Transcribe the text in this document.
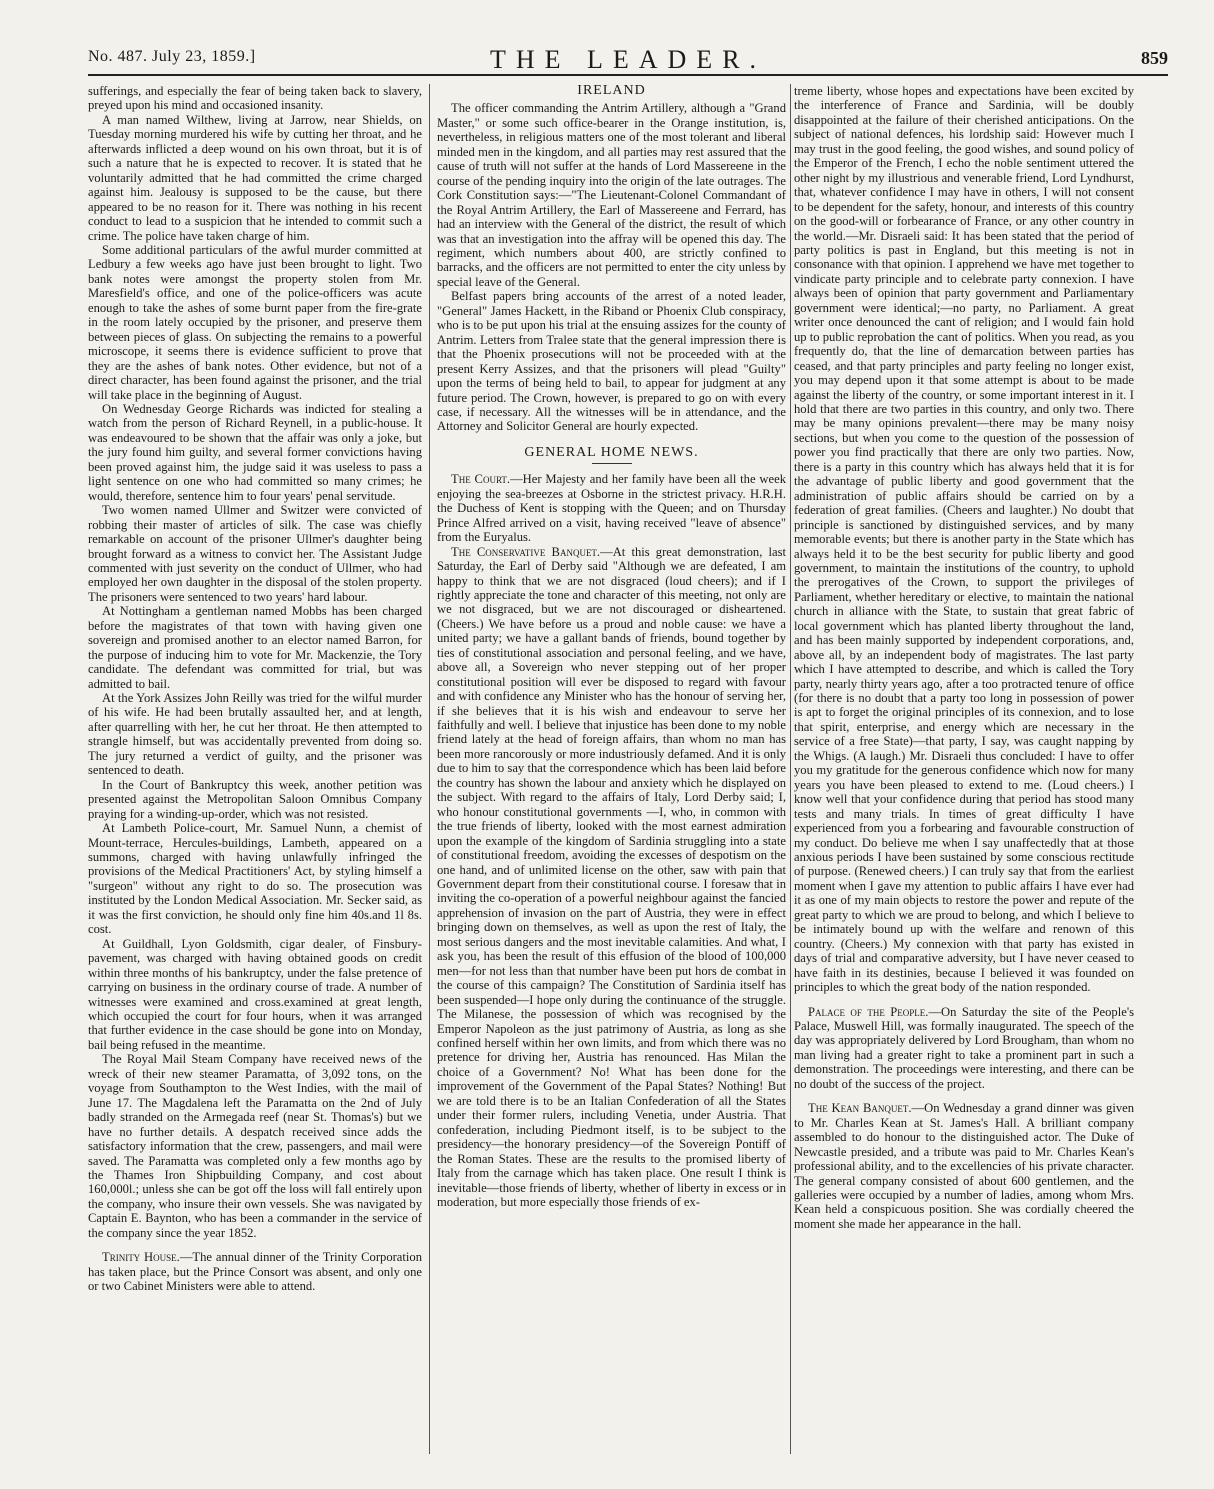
No. 487. July 23, 1859.]	THE LEADER.	859

sufferings, and especially the fear of being taken back to slavery, preyed upon his mind and occasioned insanity.

A man named Wilthew, living at Jarrow, near Shields, on Tuesday morning murdered his wife by cutting her throat, and he afterwards inflicted a deep wound on his own throat, but it is of such a nature that he is expected to recover. It is stated that he voluntarily admitted that he had committed the crime charged against him. Jealousy is supposed to be the cause, but there appeared to be no reason for it. There was nothing in his recent conduct to lead to a suspicion that he intended to commit such a crime. The police have taken charge of him.

Some additional particulars of the awful murder committed at Ledbury a few weeks ago have just been brought to light. Two bank notes were amongst the property stolen from Mr. Maresfield's office, and one of the police-officers was acute enough to take the ashes of some burnt paper from the fire-grate in the room lately occupied by the prisoner, and preserve them between pieces of glass. On subjecting the remains to a powerful microscope, it seems there is evidence sufficient to prove that they are the ashes of bank notes. Other evidence, but not of a direct character, has been found against the prisoner, and the trial will take place in the beginning of August.

On Wednesday George Richards was indicted for stealing a watch from the person of Richard Reynell, in a public-house. It was endeavoured to be shown that the affair was only a joke, but the jury found him guilty, and several former convictions having been proved against him, the judge said it was useless to pass a light sentence on one who had committed so many crimes; he would, therefore, sentence him to four years' penal servitude.

Two women named Ullmer and Switzer were convicted of robbing their master of articles of silk. The case was chiefly remarkable on account of the prisoner Ullmer's daughter being brought forward as a witness to convict her. The Assistant Judge commented with just severity on the conduct of Ullmer, who had employed her own daughter in the disposal of the stolen property. The prisoners were sentenced to two years' hard labour.

At Nottingham a gentleman named Mobbs has been charged before the magistrates of that town with having given one sovereign and promised another to an elector named Barron, for the purpose of inducing him to vote for Mr. Mackenzie, the Tory candidate. The defendant was committed for trial, but was admitted to bail.

At the York Assizes John Reilly was tried for the wilful murder of his wife. He had been brutally assaulted her, and at length, after quarrelling with her, he cut her throat. He then attempted to strangle himself, but was accidentally prevented from doing so. The jury returned a verdict of guilty, and the prisoner was sentenced to death.

In the Court of Bankruptcy this week, another petition was presented against the Metropolitan Saloon Omnibus Company praying for a winding-up-order, which was not resisted.

At Lambeth Police-court, Mr. Samuel Nunn, a chemist of Mount-terrace, Hercules-buildings, Lambeth, appeared on a summons, charged with having unlawfully infringed the provisions of the Medical Practitioners' Act, by styling himself a "surgeon" without any right to do so. The prosecution was instituted by the London Medical Association. Mr. Secker said, as it was the first conviction, he should only fine him 40s.and 1l 8s. cost.

At Guildhall, Lyon Goldsmith, cigar dealer, of Finsbury-pavement, was charged with having obtained goods on credit within three months of his bankruptcy, under the false pretence of carrying on business in the ordinary course of trade. A number of witnesses were examined and cross.examined at great length, which occupied the court for four hours, when it was arranged that further evidence in the case should be gone into on Monday, bail being refused in the meantime.

The Royal Mail Steam Company have received news of the wreck of their new steamer Paramatta, of 3,092 tons, on the voyage from Southampton to the West Indies, with the mail of June 17. The Magdalena left the Paramatta on the 2nd of July badly stranded on the Armegada reef (near St. Thomas's) but we have no further details. A despatch received since adds the satisfactory information that the crew, passengers, and mail were saved. The Paramatta was completed only a few months ago by the Thames Iron Shipbuilding Company, and cost about 160,000l.; unless she can be got off the loss will fall entirely upon the company, who insure their own vessels. She was navigated by Captain E. Baynton, who has been a commander in the service of the company since the year 1852.

Trinity House.—The annual dinner of the Trinity Corporation has taken place, but the Prince Consort was absent, and only one or two Cabinet Ministers were able to attend.

IRELAND

The officer commanding the Antrim Artillery, although a "Grand Master," or some such office-bearer in the Orange institution, is, nevertheless, in religious matters one of the most tolerant and liberal minded men in the kingdom, and all parties may rest assured that the cause of truth will not suffer at the hands of Lord Massereene in the course of the pending inquiry into the origin of the late outrages. The Cork Constitution says:—"The Lieutenant-Colonel Commandant of the Royal Antrim Artillery, the Earl of Massereene and Ferrard, has had an interview with the General of the district, the result of which was that an investigation into the affray will be opened this day. The regiment, which numbers about 400, are strictly confined to barracks, and the officers are not permitted to enter the city unless by special leave of the General.

Belfast papers bring accounts of the arrest of a noted leader, "General" James Hackett, in the Riband or Phoenix Club conspiracy, who is to be put upon his trial at the ensuing assizes for the county of Antrim. Letters from Tralee state that the general impression there is that the Phoenix prosecutions will not be proceeded with at the present Kerry Assizes, and that the prisoners will plead "Guilty" upon the terms of being held to bail, to appear for judgment at any future period. The Crown, however, is prepared to go on with every case, if necessary. All the witnesses will be in attendance, and the Attorney and Solicitor General are hourly expected.

GENERAL HOME NEWS.

The Court.—Her Majesty and her family have been all the week enjoying the sea-breezes at Osborne in the strictest privacy. H.R.H. the Duchess of Kent is stopping with the Queen; and on Thursday Prince Alfred arrived on a visit, having received "leave of absence" from the Euryalus.

The Conservative Banquet.—At this great demonstration, last Saturday, the Earl of Derby said "Although we are defeated, I am happy to think that we are not disgraced (loud cheers); and if I rightly appreciate the tone and character of this meeting, not only are we not disgraced, but we are not discouraged or disheartened. (Cheers.) We have before us a proud and noble cause: we have a united party; we have a gallant bands of friends, bound together by ties of constitutional association and personal feeling, and we have, above all, a Sovereign who never stepping out of her proper constitutional position will ever be disposed to regard with favour and with confidence any Minister who has the honour of serving her, if she believes that it is his wish and endeavour to serve her faithfully and well. I believe that injustice has been done to my noble friend lately at the head of foreign affairs, than whom no man has been more rancorously or more industriously defamed. And it is only due to him to say that the correspondence which has been laid before the country has shown the labour and anxiety which he displayed on the subject. With regard to the affairs of Italy, Lord Derby said; I, who honour constitutional governments —I, who, in common with the true friends of liberty, looked with the most earnest admiration upon the example of the kingdom of Sardinia struggling into a state of constitutional freedom, avoiding the excesses of despotism on the one hand, and of unlimited license on the other, saw with pain that Government depart from their constitutional course. I foresaw that in inviting the co-operation of a powerful neighbour against the fancied apprehension of invasion on the part of Austria, they were in effect bringing down on themselves, as well as upon the rest of Italy, the most serious dangers and the most inevitable calamities. And what, I ask you, has been the result of this effusion of the blood of 100,000 men—for not less than that number have been put hors de combat in the course of this campaign? The Constitution of Sardinia itself has been suspended—I hope only during the continuance of the struggle. The Milanese, the possession of which was recognised by the Emperor Napoleon as the just patrimony of Austria, as long as she confined herself within her own limits, and from which there was no pretence for driving her, Austria has renounced. Has Milan the choice of a Government? No! What has been done for the improvement of the Government of the Papal States? Nothing! But we are told there is to be an Italian Confederation of all the States under their former rulers, including Venetia, under Austria. That confederation, including Piedmont itself, is to be subject to the presidency—the honorary presidency—of the Sovereign Pontiff of the Roman States. These are the results to the promised liberty of Italy from the carnage which has taken place. One result I think is inevitable—those friends of liberty, whether of liberty in excess or in moderation, but more especially those friends of ex-

treme liberty, whose hopes and expectations have been excited by the interference of France and Sardinia, will be doubly disappointed at the failure of their cherished anticipations. On the subject of national defences, his lordship said: However much I may trust in the good feeling, the good wishes, and sound policy of the Emperor of the French, I echo the noble sentiment uttered the other night by my illustrious and venerable friend, Lord Lyndhurst, that, whatever confidence I may have in others, I will not consent to be dependent for the safety, honour, and interests of this country on the good-will or forbearance of France, or any other country in the world.—Mr. Disraeli said: It has been stated that the period of party politics is past in England, but this meeting is not in consonance with that opinion. I apprehend we have met together to vindicate party principle and to celebrate party connexion. I have always been of opinion that party government and Parliamentary government were identical;—no party, no Parliament. A great writer once denounced the cant of religion; and I would fain hold up to public reprobation the cant of politics. When you read, as you frequently do, that the line of demarcation between parties has ceased, and that party principles and party feeling no longer exist, you may depend upon it that some attempt is about to be made against the liberty of the country, or some important interest in it. I hold that there are two parties in this country, and only two. There may be many opinions prevalent—there may be many noisy sections, but when you come to the question of the possession of power you find practically that there are only two parties. Now, there is a party in this country which has always held that it is for the advantage of public liberty and good government that the administration of public affairs should be carried on by a federation of great families. (Cheers and laughter.) No doubt that principle is sanctioned by distinguished services, and by many memorable events; but there is another party in the State which has always held it to be the best security for public liberty and good government, to maintain the institutions of the country, to uphold the prerogatives of the Crown, to support the privileges of Parliament, whether hereditary or elective, to maintain the national church in alliance with the State, to sustain that great fabric of local government which has planted liberty throughout the land, and has been mainly supported by independent corporations, and, above all, by an independent body of magistrates. The last party which I have attempted to describe, and which is called the Tory party, nearly thirty years ago, after a too protracted tenure of office (for there is no doubt that a party too long in possession of power is apt to forget the original principles of its connexion, and to lose that spirit, enterprise, and energy which are necessary in the service of a free State)—that party, I say, was caught napping by the Whigs. (A laugh.) Mr. Disraeli thus concluded: I have to offer you my gratitude for the generous confidence which now for many years you have been pleased to extend to me. (Loud cheers.) I know well that your confidence during that period has stood many tests and many trials. In times of great difficulty I have experienced from you a forbearing and favourable construction of my conduct. Do believe me when I say unaffectedly that at those anxious periods I have been sustained by some conscious rectitude of purpose. (Renewed cheers.) I can truly say that from the earliest moment when I gave my attention to public affairs I have ever had it as one of my main objects to restore the power and repute of the great party to which we are proud to belong, and which I believe to be intimately bound up with the welfare and renown of this country. (Cheers.) My connexion with that party has existed in days of trial and comparative adversity, but I have never ceased to have faith in its destinies, because I believed it was founded on principles to which the great body of the nation responded.

Palace of the People.—On Saturday the site of the People's Palace, Muswell Hill, was formally inaugurated. The speech of the day was appropriately delivered by Lord Brougham, than whom no man living had a greater right to take a prominent part in such a demonstration. The proceedings were interesting, and there can be no doubt of the success of the project.

The Kean Banquet.—On Wednesday a grand dinner was given to Mr. Charles Kean at St. James's Hall. A brilliant company assembled to do honour to the distinguished actor. The Duke of Newcastle presided, and a tribute was paid to Mr. Charles Kean's professional ability, and to the excellencies of his private character. The general company consisted of about 600 gentlemen, and the galleries were occupied by a number of ladies, among whom Mrs. Kean held a conspicuous position. She was cordially cheered the moment she made her appearance in the hall.
